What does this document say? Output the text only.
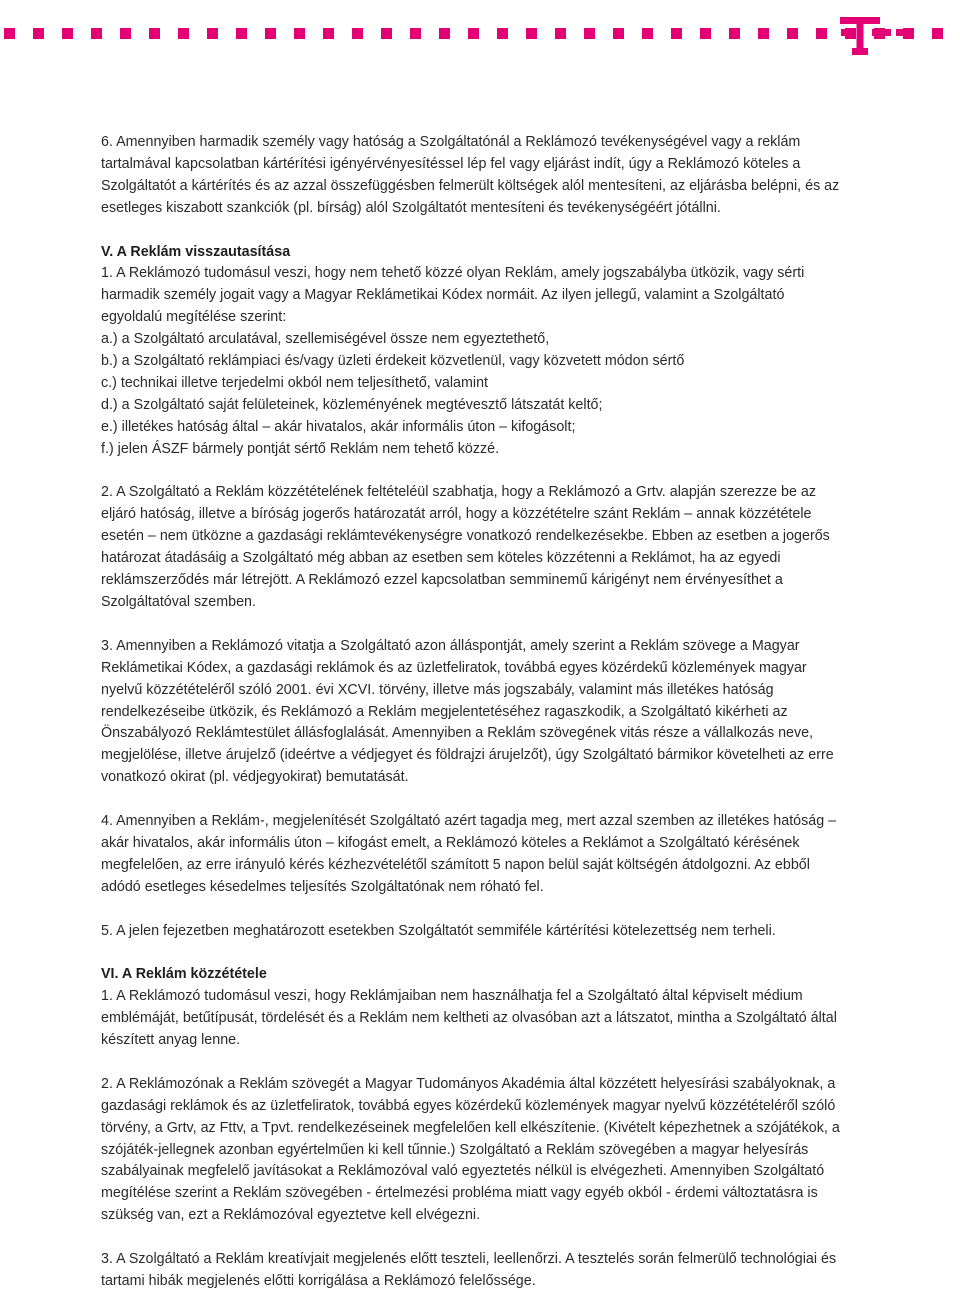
6. Amennyiben harmadik személy vagy hatóság a Szolgáltatónál a Reklámozó tevékenységével vagy a reklám
tartalmával kapcsolatban kártérítési igényérvényesítéssel lép fel vagy eljárást indít, úgy a Reklámozó köteles a
Szolgáltatót a kártérítés és az azzal összefüggésben felmerült költségek alól mentesíteni, az eljárásba belépni, és az
esetleges kiszabott szankciók (pl. bírság) alól Szolgáltatót mentesíteni és tevékenységéért jótállni.
V. A Reklám visszautasítása
1. A Reklámozó tudomásul veszi, hogy nem tehető közzé olyan Reklám, amely jogszabályba ütközik, vagy sérti
harmadik személy jogait vagy a Magyar Reklámetikai Kódex normáit. Az ilyen jellegű, valamint a Szolgáltató
egyoldalú megítélése szerint:
a.) a Szolgáltató arculatával, szellemiségével össze nem egyeztethető,
b.) a Szolgáltató reklámpiaci és/vagy üzleti érdekeit közvetlenül, vagy közvetett módon sértő
c.) technikai illetve terjedelmi okból nem teljesíthető, valamint
d.) a Szolgáltató saját felületeinek, közleményének megtévesztő látszatát keltő;
e.) illetékes hatóság által – akár hivatalos, akár informális úton – kifogásolt;
f.) jelen ÁSZF bármely pontját sértő Reklám nem tehető közzé.
2. A Szolgáltató a Reklám közzétételének feltételéül szabhatja, hogy a Reklámozó a Grtv. alapján szerezze be az
eljáró hatóság, illetve a bíróság jogerős határozatát arról, hogy a közzétételre szánt Reklám – annak közzététele
esetén – nem ütközne a gazdasági reklámtevékenységre vonatkozó rendelkezésekbe. Ebben az esetben a jogerős
határozat átadásáig a Szolgáltató még abban az esetben sem köteles közzétenni a Reklámot, ha az egyedi
reklámszerződés már létrejött. A Reklámozó ezzel kapcsolatban semminemű kárigényt nem érvényesíthet a
Szolgáltatóval szemben.
3. Amennyiben a Reklámozó vitatja a Szolgáltató azon álláspontját, amely szerint a Reklám szövege a Magyar
Reklámetikai Kódex, a gazdasági reklámok és az üzletfeliratok, továbbá egyes közérdekű közlemények magyar
nyelvű közzétételéről szóló 2001. évi XCVI. törvény, illetve más jogszabály, valamint más illetékes hatóság
rendelkezéseibe ütközik, és Reklámozó a Reklám megjelentetéséhez ragaszkodik, a Szolgáltató kikérheti az
Önszabályozó Reklámtestület állásfoglalását. Amennyiben a Reklám szövegének vitás része a vállalkozás neve,
megjelölése, illetve árujelző (ideértve a védjegyet és földrajzi árujelzőt), úgy Szolgáltató bármikor követelheti az erre
vonatkozó okirat (pl. védjegyokirat) bemutatását.
4. Amennyiben a Reklám-, megjelenítését Szolgáltató azért tagadja meg, mert azzal szemben az illetékes hatóság –
akár hivatalos, akár informális úton – kifogást emelt, a Reklámozó köteles a Reklámot a Szolgáltató kérésének
megfelelően, az erre irányuló kérés kézhezvételétől számított 5 napon belül saját költségén átdolgozni. Az ebből
adódó esetleges késedelmes teljesítés Szolgáltatónak nem róható fel.
5. A jelen fejezetben meghatározott esetekben Szolgáltatót semmiféle kártérítési kötelezettség nem terheli.
VI. A Reklám közzététele
1. A Reklámozó tudomásul veszi, hogy Reklámjaiban nem használhatja fel a Szolgáltató által képviselt médium
emblémáját, betűtípusát, tördelését és a Reklám nem keltheti az olvasóban azt a látszatot, mintha a Szolgáltató által
készített anyag lenne.
2. A Reklámozónak a Reklám szövegét a Magyar Tudományos Akadémia által közzétett helyesírási szabályoknak, a
gazdasági reklámok és az üzletfeliratok, továbbá egyes közérdekű közlemények magyar nyelvű közzétételéről szóló
törvény, a Grtv, az Fttv, a Tpvt. rendelkezéseinek megfelelően kell elkészítenie. (Kivételt képezhetnek a szójátékok, a
szójáték-jellegnek azonban egyértelműen ki kell tűnnie.) Szolgáltató a Reklám szövegében a magyar helyesírás
szabályainak megfelelő javításokat a Reklámozóval való egyeztetés nélkül is elvégezheti. Amennyiben Szolgáltató
megítélése szerint a Reklám szövegében - értelmezési probléma miatt vagy egyéb okból - érdemi változtatásra is
szükség van, ezt a Reklámozóval egyeztetve kell elvégezni.
3. A Szolgáltató a Reklám kreatívjait megjelenés előtt teszteli, leellenőrzi. A tesztelés során felmerülő technológiai és
tartami hibák megjelenés előtti korrigálása a Reklámozó felelőssége.
